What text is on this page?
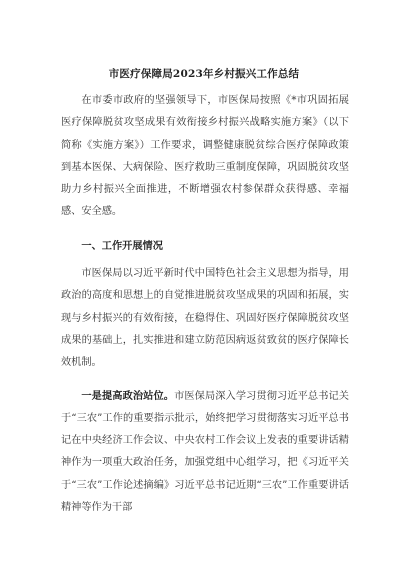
市医疗保障局2023年乡村振兴工作总结

在市委市政府的坚强领导下，市医保局按照《*市巩固拓展医疗保障脱贫攻坚成果有效衔接乡村振兴战略实施方案》（以下简称《实施方案》）工作要求，调整健康脱贫综合医疗保障政策到基本医保、大病保险、医疗救助三重制度保障，巩固脱贫攻坚助力乡村振兴全面推进，不断增强农村参保群众获得感、幸福感、安全感。

一、工作开展情况

市医保局以习近平新时代中国特色社会主义思想为指导，用政治的高度和思想上的自觉推进脱贫攻坚成果的巩固和拓展，实现与乡村振兴的有效衔接，在稳得住、巩固好医疗保障脱贫攻坚成果的基础上，扎实推进和建立防范因病返贫致贫的医疗保障长效机制。

一是提高政治站位。市医保局深入学习贯彻习近平总书记关于“三农”工作的重要指示批示，始终把学习贯彻落实习近平总书记在中央经济工作会议、中央农村工作会议上发表的重要讲话精神作为一项重大政治任务，加强党组中心组学习，把《习近平关于“三农”工作论述摘编》习近平总书记近期“三农”工作重要讲话精神等作为干部
